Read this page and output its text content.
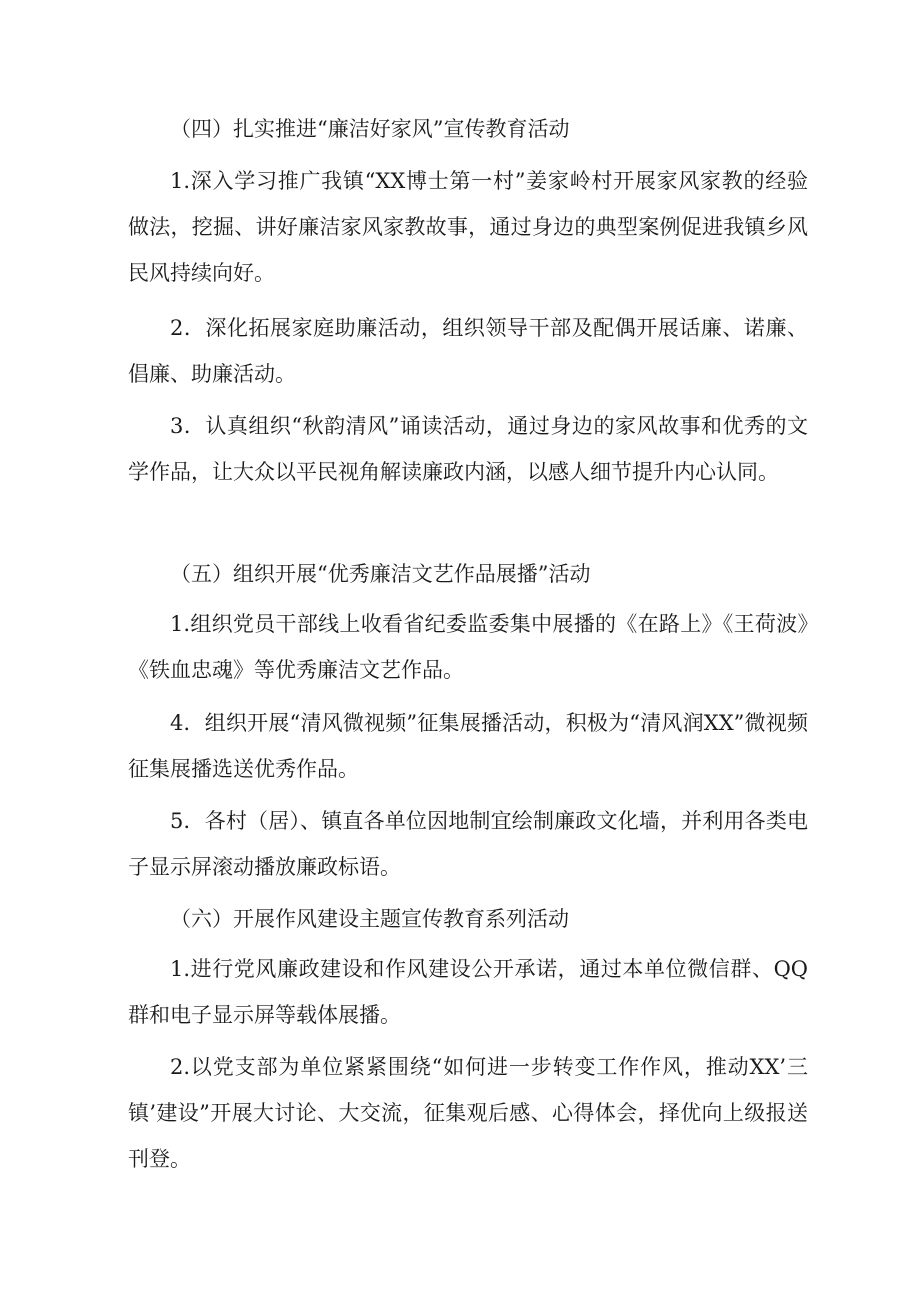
（四）扎实推进“廉洁好家风”宣传教育活动
1.深入学习推广我镇“XX博士第一村”姜家岭村开展家风家教的经验做法，挖掘、讲好廉洁家风家教故事，通过身边的典型案例促进我镇乡风民风持续向好。
2．深化拓展家庭助廉活动，组织领导干部及配偶开展话廉、诺廉、倡廉、助廉活动。
3．认真组织“秋韵清风”诵读活动，通过身边的家风故事和优秀的文学作品，让大众以平民视角解读廉政内涵，以感人细节提升内心认同。
（五）组织开展“优秀廉洁文艺作品展播”活动
1.组织党员干部线上收看省纪委监委集中展播的《在路上》《王荷波》《铁血忠魂》等优秀廉洁文艺作品。
4．组织开展“清风微视频”征集展播活动，积极为“清风润XX”微视频征集展播选送优秀作品。
5．各村（居）、镇直各单位因地制宜绘制廉政文化墙，并利用各类电子显示屏滚动播放廉政标语。
（六）开展作风建设主题宣传教育系列活动
1.进行党风廉政建设和作风建设公开承诺，通过本单位微信群、QQ群和电子显示屏等载体展播。
2.以党支部为单位紧紧围绕“如何进一步转变工作作风，推动XX’三镇’建设”开展大讨论、大交流，征集观后感、心得体会，择优向上级报送刊登。
